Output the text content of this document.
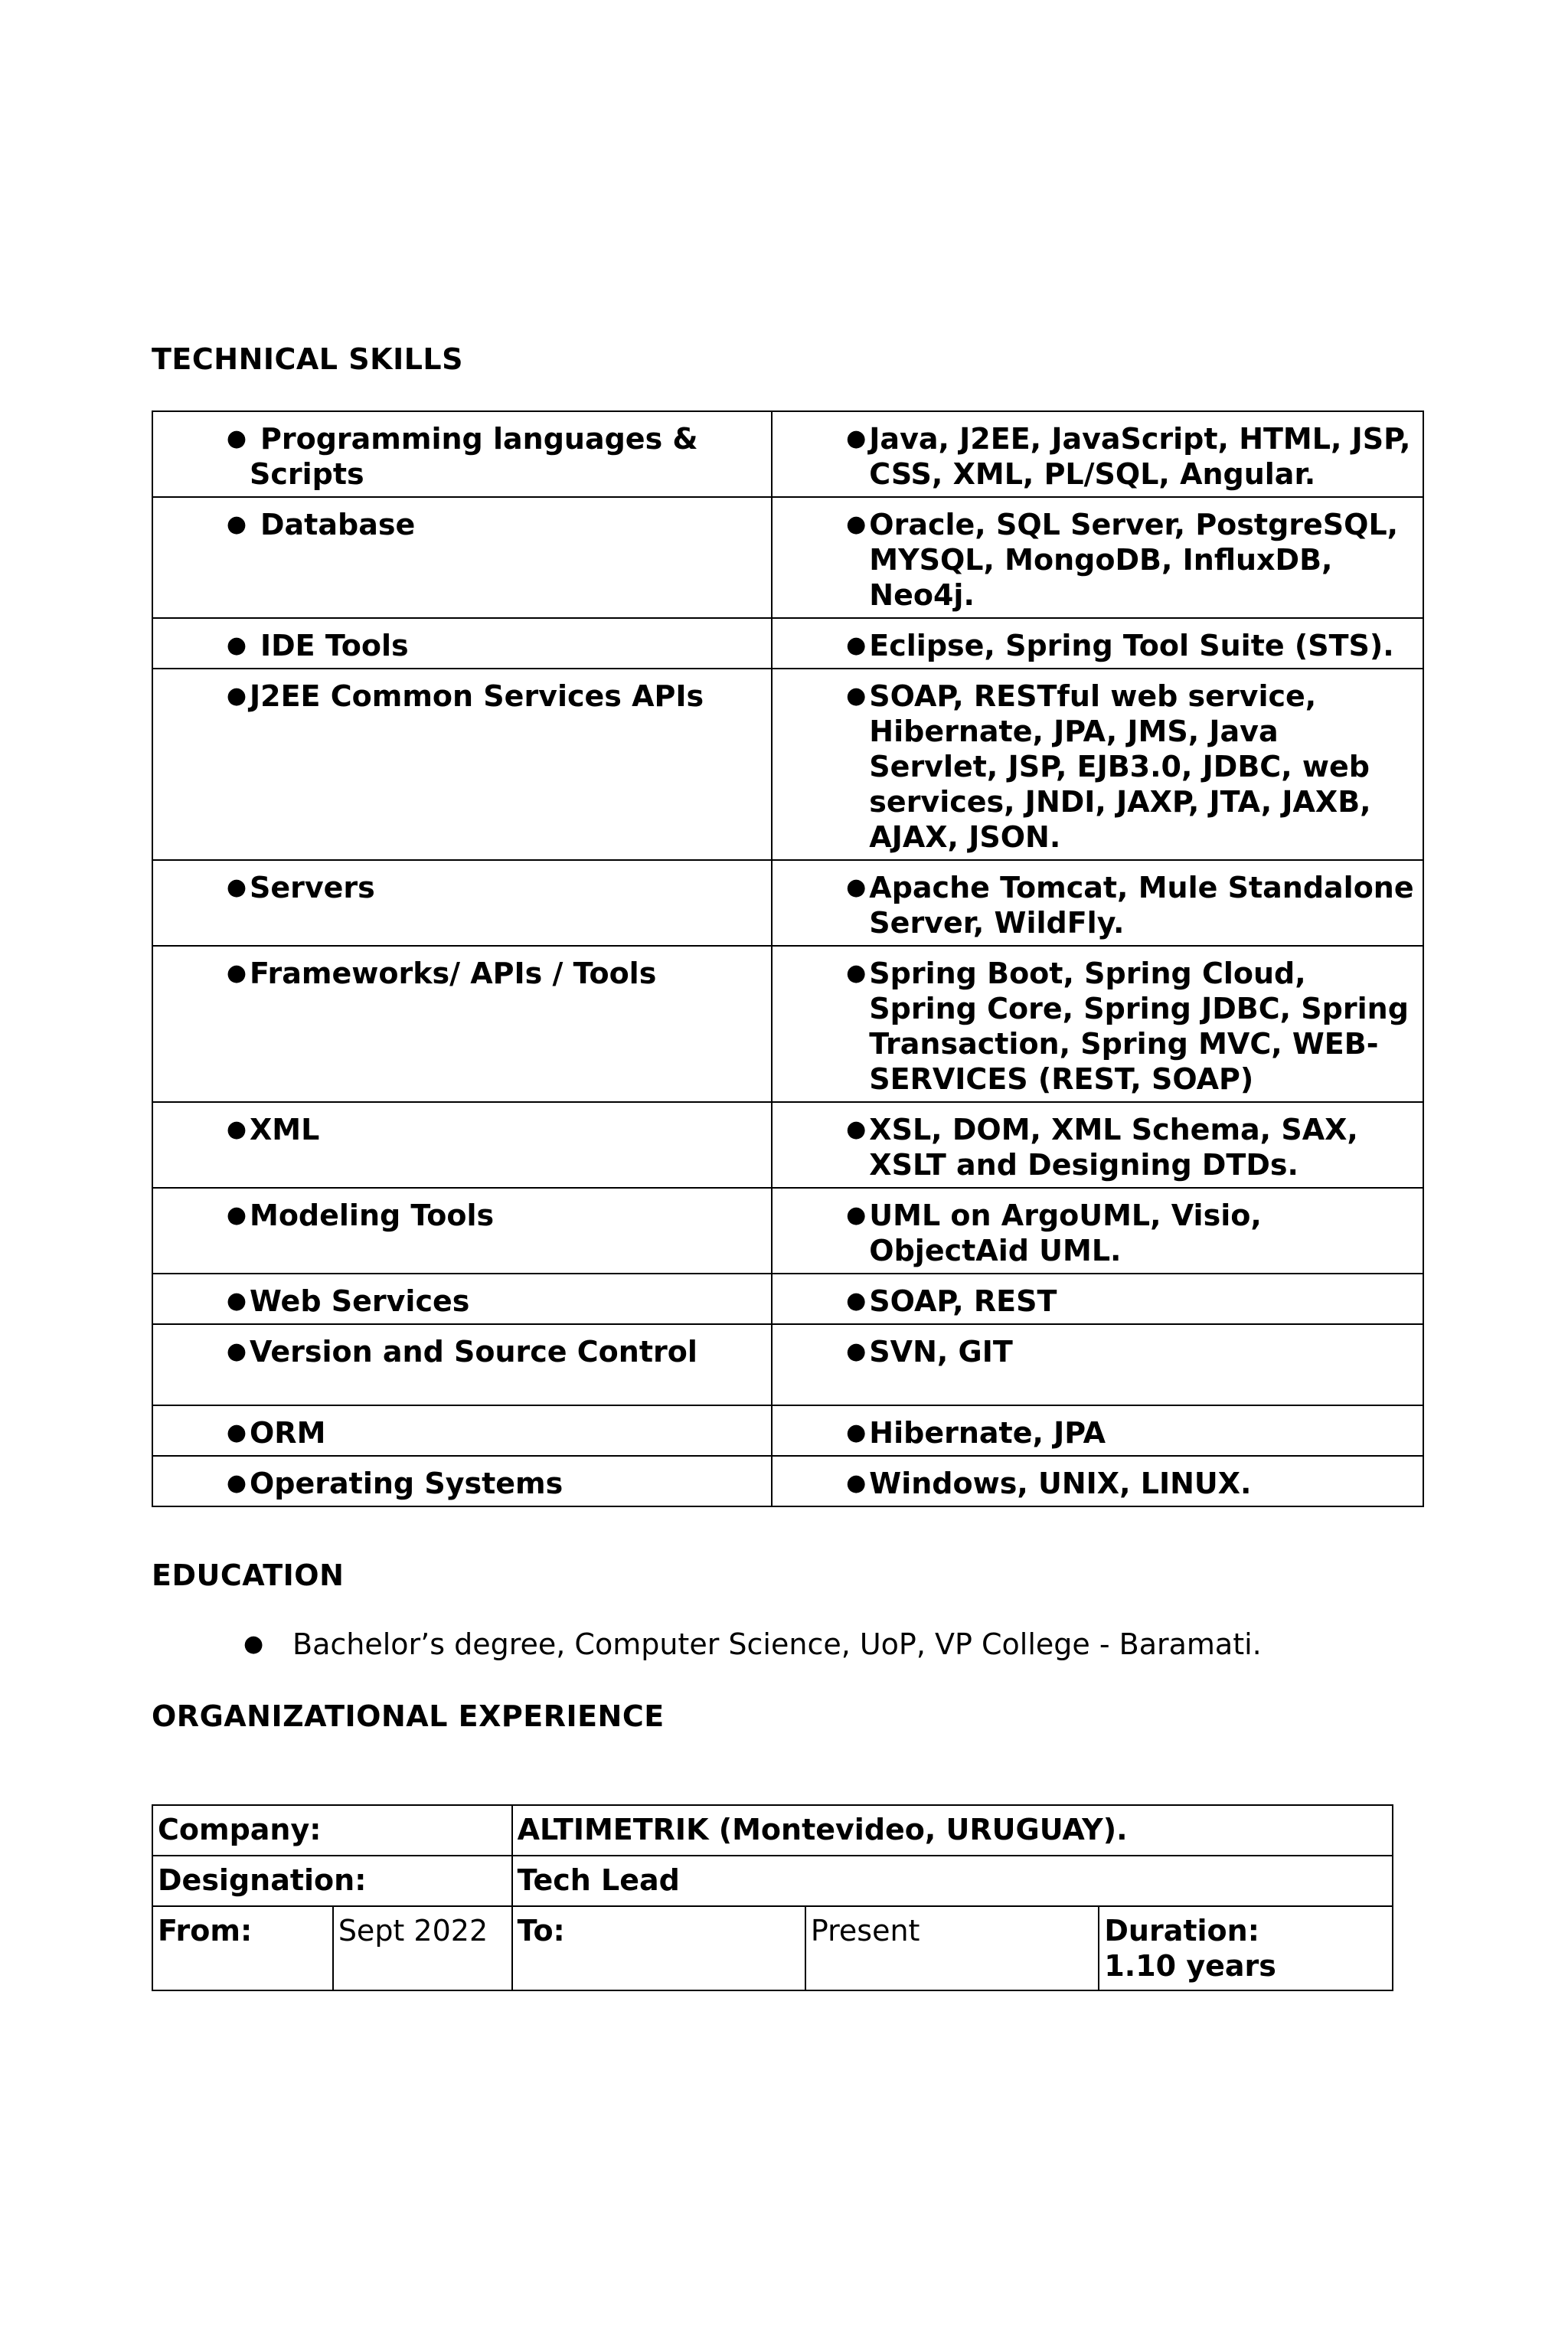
TECHNICAL SKILLS
● Programming languages & Scripts	● Java, J2EE, JavaScript, HTML, JSP, CSS, XML, PL/SQL, Angular.

● Database	● Oracle, SQL Server, PostgreSQL, MYSQL, MongoDB, InfluxDB, Neo4j.

● IDE Tools	● Eclipse, Spring Tool Suite (STS).

● J2EE Common Services APIs	● SOAP, RESTful web service, Hibernate, JPA, JMS, Java Servlet, JSP, EJB3.0, JDBC, web services, JNDI, JAXP, JTA, JAXB, AJAX, JSON.

● Servers	● Apache Tomcat, Mule Standalone Server, WildFly.

● Frameworks/ APIs / Tools	● Spring Boot, Spring Cloud, Spring Core, Spring JDBC, Spring Transaction, Spring MVC, WEB-SERVICES (REST, SOAP)

● XML	● XSL, DOM, XML Schema, SAX, XSLT and Designing DTDs.

● Modeling Tools	● UML on ArgoUML, Visio, ObjectAid UML.

● Web Services	● SOAP, REST

● Version and Source Control	● SVN, GIT

● ORM	● Hibernate, JPA

● Operating Systems	● Windows, UNIX, LINUX.
EDUCATION
● Bachelor’s degree, Computer Science, UoP, VP College - Baramati.
ORGANIZATIONAL EXPERIENCE
Company:		ALTIMETRIK (Montevideo, URUGUAY).		
Designation:		Tech Lead		
From:	Sept 2022	To:	Present	Duration:
1.10 years
